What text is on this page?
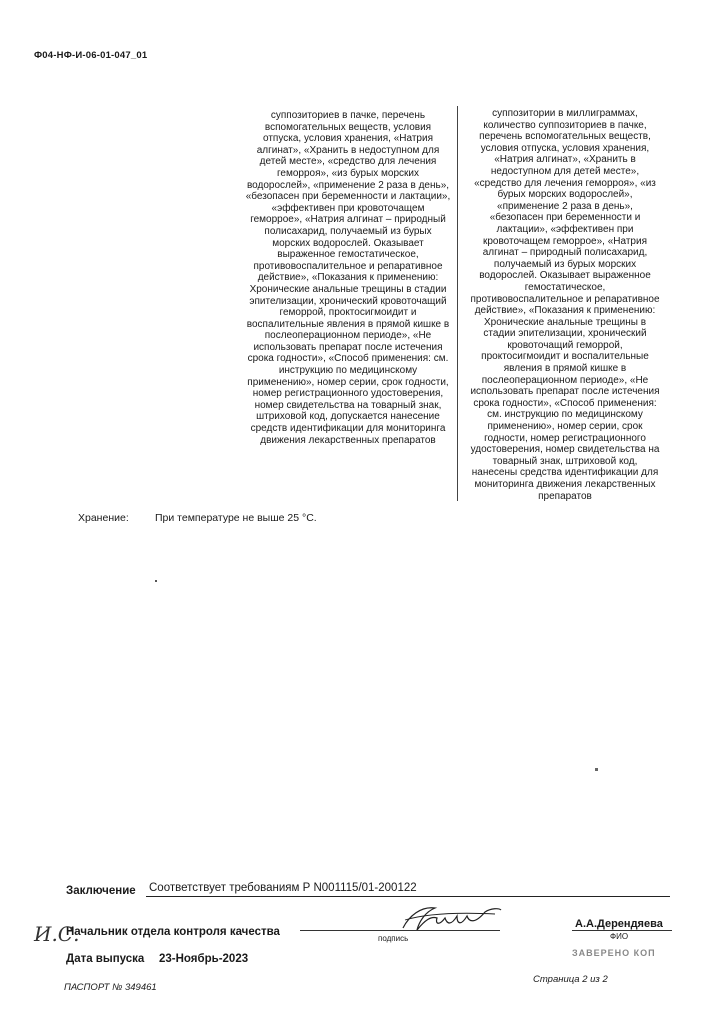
Ф04-НФ-И-06-01-047_01
суппозиториев в пачке, перечень
вспомогательных веществ, условия
отпуска, условия хранения, «Натрия
алгинат», «Хранить в недоступном для
детей месте», «средство для лечения
геморроя», «из бурых морских
водорослей», «применение 2 раза в день»,
«безопасен при беременности и лактации»,
«эффективен при кровоточащем
геморрое», «Натрия алгинат – природный
полисахарид, получаемый из бурых
морских водорослей. Оказывает
выраженное гемостатическое,
противовоспалительное и репаративное
действие», «Показания к применению:
Хронические анальные трещины в стадии
эпителизации, хронический кровоточащий
геморрой, проктосигмоидит и
воспалительные явления в прямой кишке в
послеоперационном периоде», «Не
использовать препарат после истечения
срока годности», «Способ применения: см.
инструкцию по медицинскому
применению», номер серии, срок годности,
номер регистрационного удостоверения,
номер свидетельства на товарный знак,
штриховой код, допускается нанесение
средств идентификации для мониторинга
движения лекарственных препаратов
суппозитории в миллиграммах,
количество суппозиториев в пачке,
перечень вспомогательных веществ,
условия отпуска, условия хранения,
«Натрия алгинат», «Хранить в
недоступном для детей месте»,
«средство для лечения геморроя», «из
бурых морских водорослей»,
«применение 2 раза в день»,
«безопасен при беременности и
лактации», «эффективен при
кровоточащем геморрое», «Натрия
алгинат – природный полисахарид,
получаемый из бурых морских
водорослей. Оказывает выраженное
гемостатическое,
противовоспалительное и репаративное
действие», «Показания к применению:
Хронические анальные трещины в
стадии эпителизации, хронический
кровоточащий геморрой,
проктосигмоидит и воспалительные
явления в прямой кишке в
послеоперационном периоде», «Не
использовать препарат после истечения
срока годности», «Способ применения:
см. инструкцию по медицинскому
применению», номер серии, срок
годности, номер регистрационного
удостоверения, номер свидетельства на
товарный знак, штриховой код,
нанесены средства идентификации для
мониторинга движения лекарственных
препаратов
Хранение:	При температуре не выше 25 °С.
Заключение Соответствует требованиям Р N001115/01-200122
И.С.
Начальник отдела контроля качества
подпись
А.А.Дерендяева
ФИО
ЗАВЕРЕНО КОП
Дата выпуска 23-Ноябрь-2023
Страница 2 из 2
ПАСПОРТ № 349461
